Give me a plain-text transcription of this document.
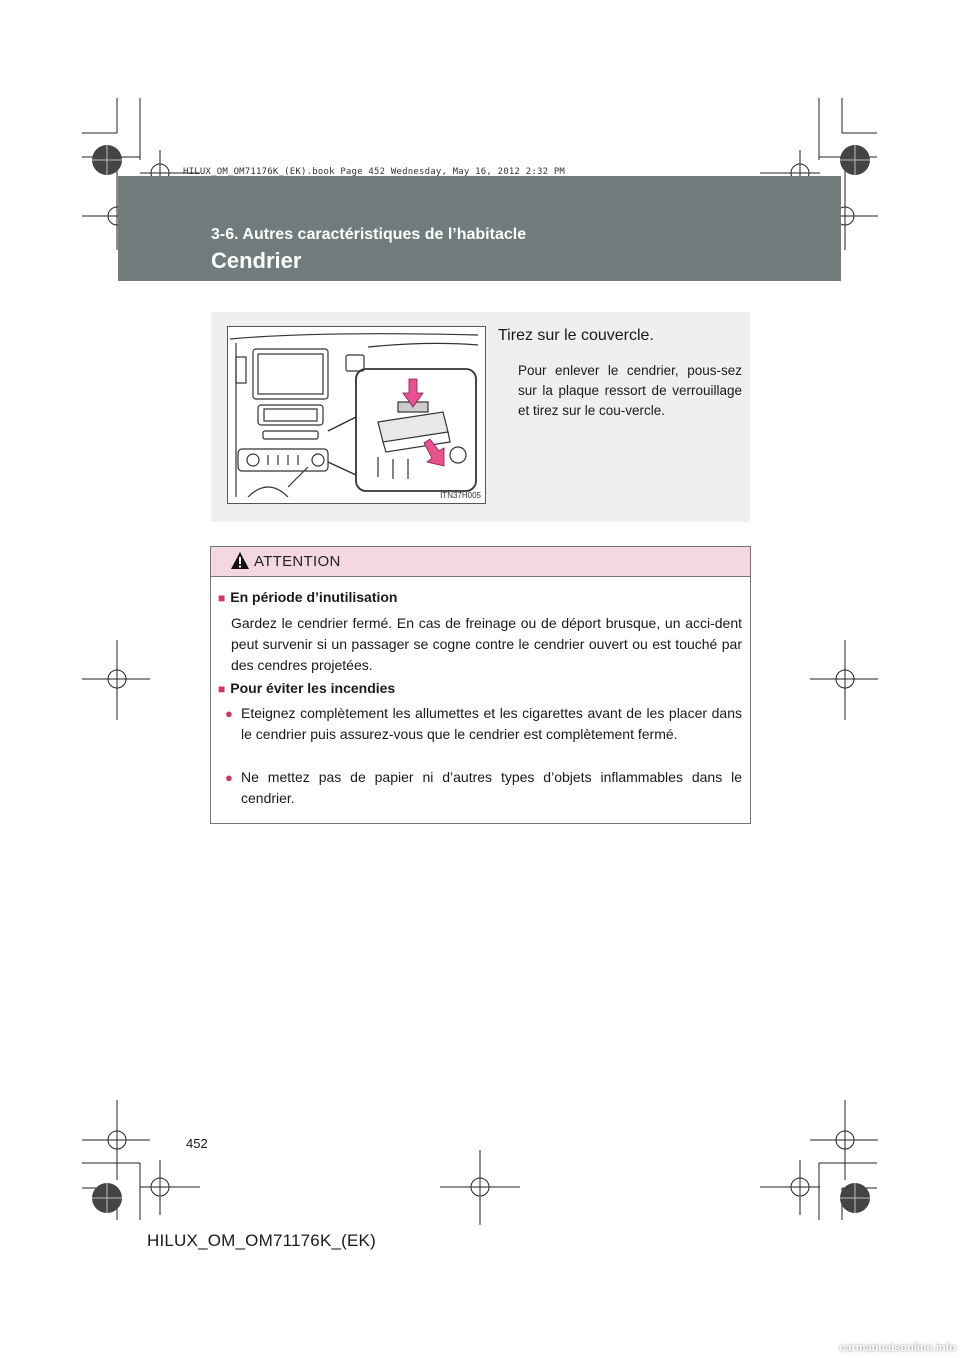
HILUX_OM_OM71176K_(EK).book Page 452 Wednesday, May 16, 2012 2:32 PM
3-6. Autres caractéristiques de l’habitacle
Cendrier
ITN37H005
Tirez sur le couvercle.
Pour enlever le cendrier, pous-sez sur la plaque ressort de verrouillage et tirez sur le cou-vercle.
ATTENTION
■ En période d’inutilisation
Gardez le cendrier fermé. En cas de freinage ou de déport brusque, un acci-dent peut survenir si un passager se cogne contre le cendrier ouvert ou est touché par des cendres projetées.
■ Pour éviter les incendies
● Eteignez complètement les allumettes et les cigarettes avant de les placer dans le cendrier puis assurez-vous que le cendrier est complètement fermé.
● Ne mettez pas de papier ni d’autres types d’objets inflammables dans le cendrier.
452
HILUX_OM_OM71176K_(EK)
carmanualsonline.info
